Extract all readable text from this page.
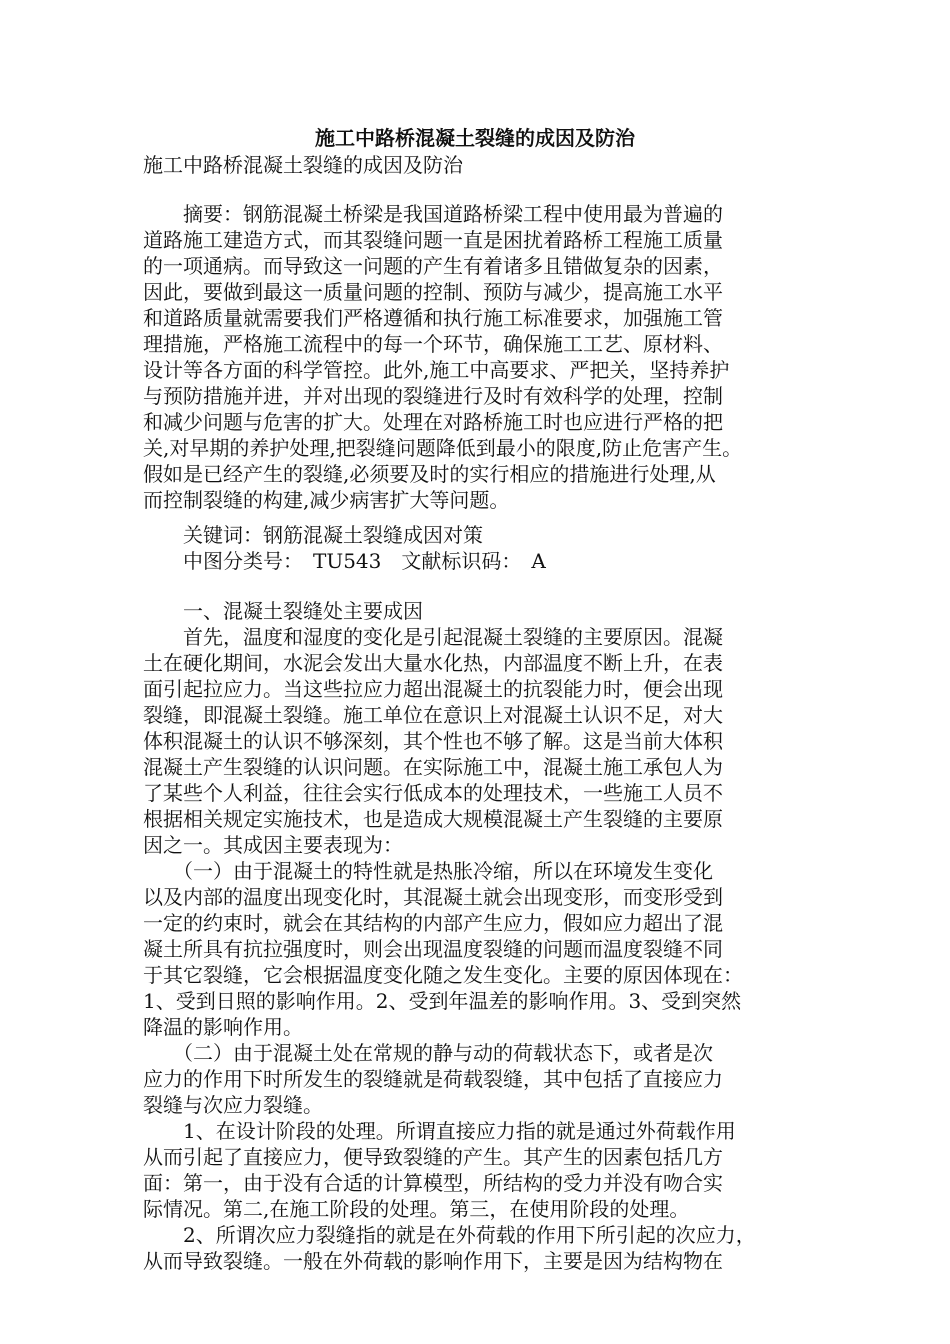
施工中路桥混凝土裂缝的成因及防治

施工中路桥混凝土裂缝的成因及防治

　　摘要：钢筋混凝土桥梁是我国道路桥梁工程中使用最为普遍的
道路施工建造方式，而其裂缝问题一直是困扰着路桥工程施工质量
的一项通病。而导致这一问题的产生有着诸多且错做复杂的因素，
因此，要做到最这一质量问题的控制、预防与减少，提高施工水平
和道路质量就需要我们严格遵循和执行施工标准要求，加强施工管
理措施，严格施工流程中的每一个环节，确保施工工艺、原材料、
设计等各方面的科学管控。此外,施工中高要求、严把关，坚持养护
与预防措施并进，并对出现的裂缝进行及时有效科学的处理，控制
和减少问题与危害的扩大。处理在对路桥施工时也应进行严格的把
关,对早期的养护处理,把裂缝问题降低到最小的限度,防止危害产生。
假如是已经产生的裂缝,必须要及时的实行相应的措施进行处理,从
而控制裂缝的构建,减少病害扩大等问题。
　　关键词：钢筋混凝土裂缝成因对策
　　中图分类号：　TU543　文献标识码：　A
　　一、混凝土裂缝处主要成因
　　首先，温度和湿度的变化是引起混凝土裂缝的主要原因。混凝
土在硬化期间，水泥会发出大量水化热，内部温度不断上升，在表
面引起拉应力。当这些拉应力超出混凝土的抗裂能力时，便会出现
裂缝，即混凝土裂缝。施工单位在意识上对混凝土认识不足，对大
体积混凝土的认识不够深刻，其个性也不够了解。这是当前大体积
混凝土产生裂缝的认识问题。在实际施工中，混凝土施工承包人为
了某些个人利益，往往会实行低成本的处理技术，一些施工人员不
根据相关规定实施技术，也是造成大规模混凝土产生裂缝的主要原
因之一。其成因主要表现为：
　　（一）由于混凝土的特性就是热胀冷缩，所以在环境发生变化
以及内部的温度出现变化时，其混凝土就会出现变形，而变形受到
一定的约束时，就会在其结构的内部产生应力，假如应力超出了混
凝土所具有抗拉强度时，则会出现温度裂缝的问题而温度裂缝不同
于其它裂缝，它会根据温度变化随之发生变化。主要的原因体现在：
1、受到日照的影响作用。2、受到年温差的影响作用。3、受到突然
降温的影响作用。
　　（二）由于混凝土处在常规的静与动的荷载状态下，或者是次
应力的作用下时所发生的裂缝就是荷载裂缝，其中包括了直接应力
裂缝与次应力裂缝。
　　1、在设计阶段的处理。所谓直接应力指的就是通过外荷载作用
从而引起了直接应力，便导致裂缝的产生。其产生的因素包括几方
面：第一，由于没有合适的计算模型，所结构的受力并没有吻合实
际情况。第二,在施工阶段的处理。第三，在使用阶段的处理。
　　2、所谓次应力裂缝指的就是在外荷载的作用下所引起的次应力，
从而导致裂缝。一般在外荷载的影响作用下，主要是因为结构物在
